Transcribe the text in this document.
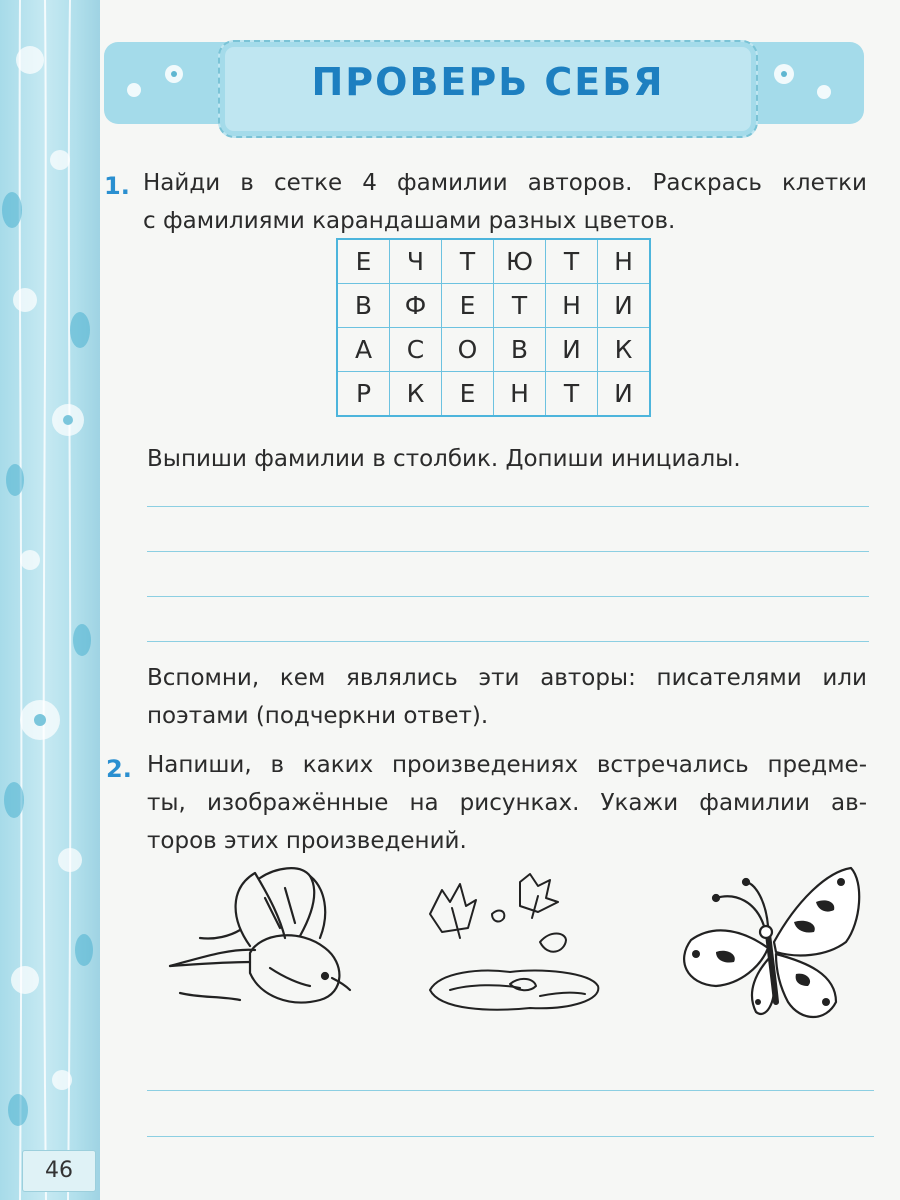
46
ПРОВЕРЬ СЕБЯ
1. Найди в сетке 4 фамилии авторов. Раскрась клетки
с фамилиями карандашами разных цветов.
Е	Ч	Т	Ю	Т	Н
В	Ф	Е	Т	Н	И
А	С	О	В	И	К
Р	К	Е	Н	Т	И
Выпиши фамилии в столбик. Допиши инициалы.
Вспомни, кем являлись эти авторы: писателями или
поэтами (подчеркни ответ).
2. Напиши, в каких произведениях встречались предме-
ты, изображённые на рисунках. Укажи фамилии ав-
торов этих произведений.
